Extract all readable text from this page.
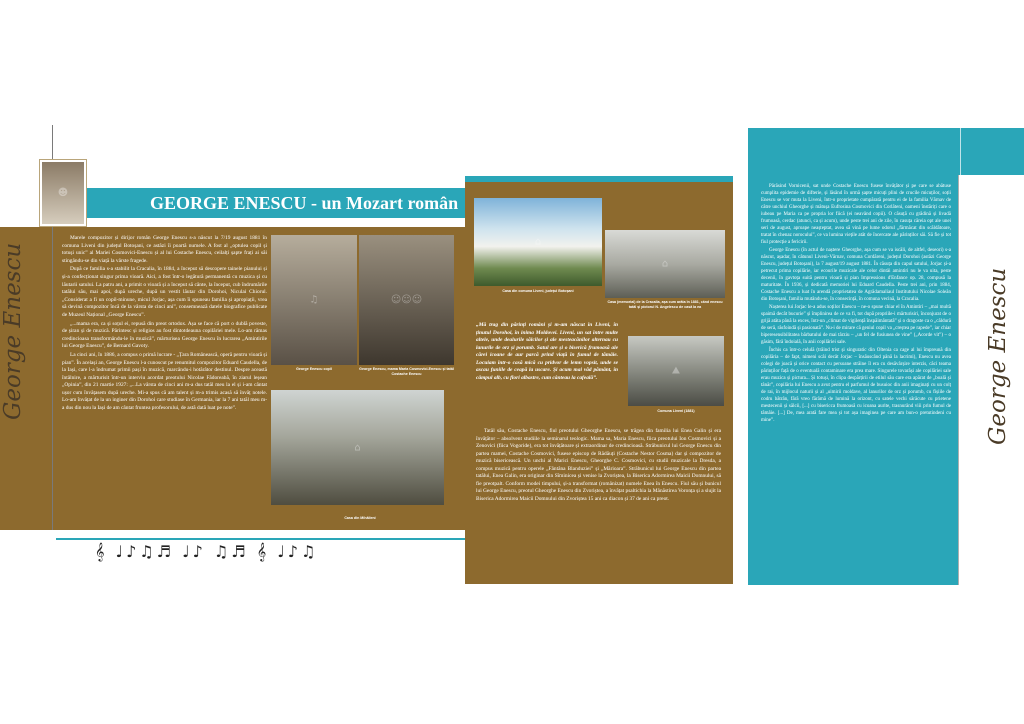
GEORGE ENESCU - un Mozart român
☻
George Enescu

Marele compozitor și dirijor român George Enescu s-a născut la 7/19 august 1881 în comuna Liveni din județul Botoșani, ce astăzi îi poartă numele. A fost al „optulea copil și totuși unic” al Mariei Cosmovici-Enescu și al lui Costache Enescu, ceilalți șapte frați ai săi stingându-se din viață la vârste fragede.

După ce familia s-a stabilit la Cracalia, în 1884, a început să descopere tainele pianului și și-a confecționat singur prima vioară. Aici, a fost într-o legătură permanentă cu muzica și cu lăutarii satului. La patru ani, a primit o vioară și a început să cânte, la început, cub îndrumările tatălui său, mai apoi, după ureche, după un vestit lăutar din Dorohoi, Niculai Chiorul. „Considerat a fi un copil-minune, micul Jorjac, așa cum îi spuneau familia și apropiații, vrea să devină compozitor încă de la vârsta de cinci ani”, consemnează datele biografice publicate de Muzeul Național „George Enescu”.

„...mama era, ca și soțul ei, repusă din preot ortodox. Așa se face că port o dublă poveste, de șiran și de muzică. Părintesc și religios au fost dintotdeauna copilăriei mele. Lo-am rămas credincioasa transformându-le în muzică”, mărturisea George Enescu în lucrarea „Amintirile lui George Enescu”, de Bernard Gavoty.

La cinci ani, în 1886, a compus o primă lucrare - „Țara Românească, operă pentru vioară și pian”. În același an, George Enescu l-a cunoscut pe renumitul compozitor Eduard Caudella, de la Iași, care l-a îndrumat primii pași în muzică, marcându-i hotărâtor destinul. Despre această întâlnire, a mărturisit într-un interviu acordat preotului Nicolae Fădoreabă, în ziarul leșean „Opinia”, din 21 martie 1927: „...La vârsta de cinci ani m-a dus tatăl meu la el și i-am cântat ușor cum învățasem după ureche. Mi-a spus că am talent și m-a trimis acasă să învăț notele. Lo-am învățat de la un inginer din Dorohoi care studiase în Germania, iar la 7 ani tatăl meu m-a dus din nou la Iași de am cântat fruntea profesorului, de astă dată luat pe note”.

♫	☺☺☺
⌂
George Enescu copil	George Enescu, mama Maria Cosmovici-Enescu și tatăl Costache Enescu
Casa din Mihăileni
𝄞 ♩♪♫♬ ♩♪ ♫♬ 𝄞 ♩♪♫
⌂
⌂
⛰
Casa din comuna Liveni, județul Botoșani
Casa (memorial) de la Cracalia, așa cum arăta în 1881, când enescu tatăl și pictorul N. Angelescu de casă la ea
Comuna Liveni (1881)
„Mă trag din părinți români și m-am născut în Liveni, în ținutul Dorohoi, în inima Moldovei. Liveni, un sat între multe altele, unde dealurile sălcilor și ale mesteacănilor alternau cu lanurile de orz și porumb. Satul are și o biserică frumoasă ale cărei icoane de aur parcă prind viață în fumul de tămâie. Locuiam într-o casă mică cu pridvor de lemn vopsit, unde se ascau funiile de ceapă la uscare. Și acum mai văd pământ, în câmpul alb, cu flori albastre, cum cânteau la cafeală”.

Tatăl său, Costache Enescu, fiul preotului Gheorghe Enescu, se trăgea din familia lui Enea Galin și era învățător – absolvent studiile la seminarul teologic. Mama sa, Maria Enescu, fiica preotului Ion Cosmovici și a Zenovici (fiica Vogoride), era tot învățătoare și extraordinar de credincioasă. Străbunicul lui George Enescu din partea mamei, Costache Cosmovici, fusese episcop de Rădăuți (Costache Nestor Cosma) dar și compozitor de muzică bisericească. Un unchi al Marici Enescu, Gheorghe C. Cosmovici, cu studii muzicale la Dresda, a compus muzică pentru operele „Fântâna Blanduziei” și „Mărioara”. Străbunicul lui George Enescu din partea tatălui, Enea Galin, era originar din Sîminicea și venise la Zvoriștea, la Biserica Adormirea Maicii Domnului, să fie preotpalt. Conform modei timpului, și-a transformat (românizat) numele Enea în Enescu. Fiul său și bunicul lui George Enescu, preotul Gheorghe Enescu din Zvoriștea, a învățat psaltichia la Mânăstirea Voronța și a slujit la Biserica Adormirea Maicii Domnului din Zvoriștea 15 ani ca diacon și 37 de ani ca preot.

Părăsind Vornicenii, sat unde Costache Enescu fusese învățător și pe care se abătuse cumplita epidemie de difterie, și lăsând în urmă șapte micuți plini de crucile micuților, soții Enescu se vor muta la Liveni, într-o proprietate cumpărată pentru ei de la familia Vărnav de către unchiul Gheorghe și mătușa Eufrosina Cosmovici din Corlăteni, oameni înstăriți care o iubeau pe Maria ca pe propria lor fiică (ei neavând copii). O căsuță cu grădină și livadă frumoasă, cerdac (atunci, ca și acum), unde peste trei ani de zile, în casuța căreia opt ale unei seri de august, aproape neașteptat, avea să vină pe lume odorul „fărmăcat din scăldătoare, tratat în chenaz norocului”, ce va lumina viețile atât de încercate ale părinților săi. Să fie și tot fiul protecție a fericirii.

George Enescu (în actul de naștere Gheorghe, așa cum se va iscăli, de altfel, deseori) s-a născut, așadar, în cătunul Liveni-Vărnav, comuna Cordăreni, județul Dorohoi (astăzi George Enescu, județul Botoșani), la 7 august/19 august 1881. În căsuța din capul satului, Jorjac și-a petrecut prima copilărie, iar ecourile muzicale ale celor dintâi amintiri nu le va uita, peste decenii, în gavtoța suită pentru vioară și pian Impressions d'Enfance op. 28, compusă la maturitate. În 1936, și dedicată memoriei lui Eduard Caudella. Peste trei ani, prin 1884, Costache Enescu a luat în arendă proprietatea de Agrădamaliaul Institutului Nicolae Soleăn din Botoșani, familia mutându-se, în consecință, în comuna vecină, la Cracalia.

Nașterea lui Jorjac le-a adus soților Enescu – ne-o spune chiar el în Amintiri – „mai multă spaimă decât bucurie” și împlinirea de ce va fi, tot după propriile-i mărturisiri, înconjurat de o grijă atâta până la exces, într-un „climat de vigilență înspăimântată” și o dragoste ca o „căldură de seră, răsfoindă și pasionată”. Nu-i de mirare că geniul copil va „creștea pe rapede”, iar chiar biperesensibilitatea bărbatului de mai târziu – „un fel de fusiunea de vine” („Acorde vit”) – o găsim, fără îndoială, în anii copilăriei sale.

Închis ca într-o celulă (trăind trist și singuratic din Oltenia ca cage al lui împreună din copilăria – de fapt, nimeni scâi decât Jorjac – însăuscând până la lacrimi), Enescu nu avea colegi de joacă și orice contact cu persoane străine îl era cu desăvârșire interzis, căci teama părinților față de o eventuală contaminare era prea mare. Singurele tovarăși ale copilăriei sale erau muzica și pictura... Și totuși, în clipa despărțirii de etilul său care era apărat de „boală și tânăr”, copilăria lui Enescu a avut pentru el parfumul de busuioc din anii imaginați cu un colț de rai, în mijlocul naturii și al „uimirii moldave, al lanurilor de orz și porumb, cu fișiile de codru bătrân, fără vreo fărâmă de lumină la orizont, cu satele vechi sărăcute cu prietene mestecenii și sălcii, [...] cu bisericca frumoasă cu icoana aurite, trasnurând viii prin fumul de tămâie. [...] De, mea arată fare mea și tot așa imaginea pe care am bun-o pretutindeni cu mine”.	George Enescu
